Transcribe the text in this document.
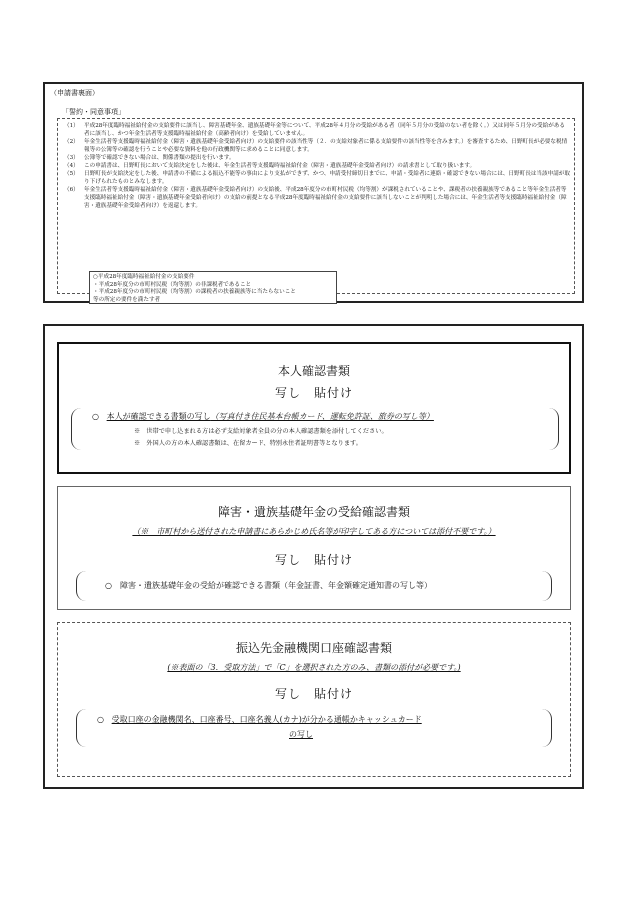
（申請書裏面）
「誓約・同意事項」
（1） 平成28年度臨時福祉給付金の支給要件に該当し、障害基礎年金、遺族基礎年金等について、平成28年４月分の受給がある者（同年５月分の受給のない者を除く。）又は同年５月分の受給がある者に該当し、かつ年金生活者等支援臨時福祉給付金（高齢者向け）を受給していません。
（2） 年金生活者等支援臨時福祉給付金（障害・遺族基礎年金受給者向け）の支給要件の該当性等（２．の支給対象者に係る支給要件の該当性等を含みます。）を審査するため、日野町長が必要な税情報等の公簿等の確認を行うことや必要な資料を他の行政機関等に求めることに同意します。
（3） 公簿等で確認できない場合は、関係書類の提出を行います。
（4） この申請書は、日野町長において支給決定をした後は、年金生活者等支援臨時福祉給付金（障害・遺族基礎年金受給者向け）の請求書として取り扱います。
（5） 日野町長が支給決定をした後、申請書の不備による振込不能等の事由により支払ができず、かつ、申請受付締切日までに、申請・受給者に連絡・確認できない場合には、日野町長は当該申請が取り下げられたものとみなします。
（6） 年金生活者等支援臨時福祉給付金（障害・遺族基礎年金受給者向け）の支給後、平成28年度分の市町村民税（均等割）が課税されていることや、課税者の扶養親族等であること等年金生活者等支援臨時福祉給付金（障害・遺族基礎年金受給者向け）の支給の前提となる平成28年度臨時福祉給付金の支給要件に該当しないことが判明した場合には、年金生活者等支援臨時福祉給付金（障害・遺族基礎年金受給者向け）を返還します。
○平成28年度臨時福祉給付金の支給要件
・平成28年度分の市町村民税（均等割）の非課税者であること
・平成28年度分の市町村民税（均等割）の課税者の扶養親族等に当たらないこと
等の所定の要件を満たす者
本人確認書類
写し　貼付け
○ 本人が確認できる書類の写し（写真付き住民基本台帳カード、運転免許証、旅券の写し等）
※　世帯で申し込まれる方は必ず支給対象者全員の分の本人確認書類を添付してください。
※　外国人の方の本人確認書類は、在留カード、特別永住者証明書等となります。
障害・遺族基礎年金の受給確認書類
（※　市町村から送付された申請書にあらかじめ氏名等が印字してある方については添付不要です。）
写し　貼付け
○　障害・遺族基礎年金の受給が確認できる書類（年金証書、年金額確定通知書の写し等）
振込先金融機関口座確認書類
(※表面の「3．受取方法」で「C」を選択された方のみ、書類の添付が必要です。)
写し　貼付け
○ 受取口座の金融機関名、口座番号、口座名義人(カナ)が分かる通帳かキャッシュカード
の写し
